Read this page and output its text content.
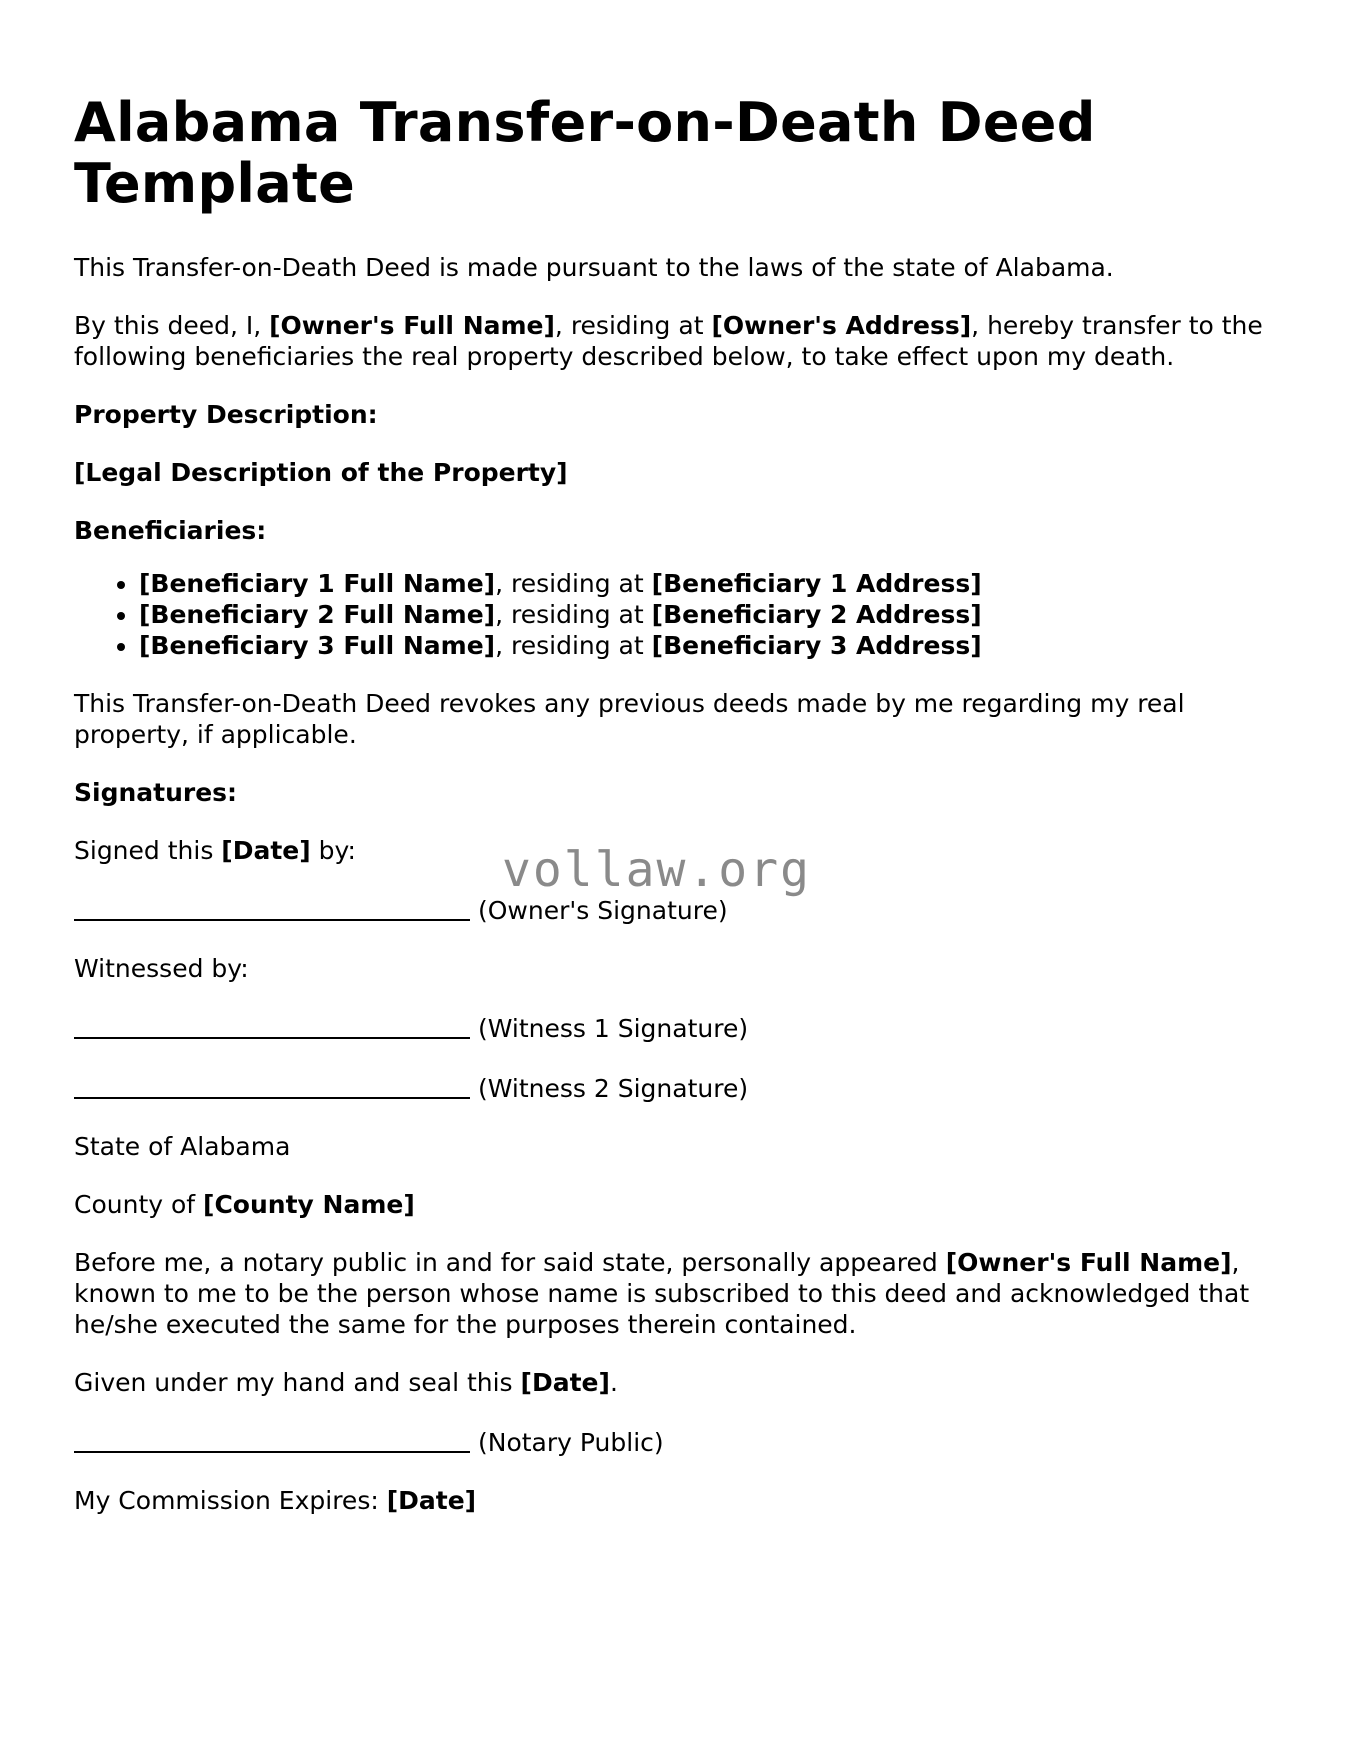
Alabama Transfer-on-Death Deed Template

This Transfer-on-Death Deed is made pursuant to the laws of the state of Alabama.

By this deed, I, [Owner's Full Name], residing at [Owner's Address], hereby transfer to the following beneficiaries the real property described below, to take effect upon my death.

Property Description:

[Legal Description of the Property]

Beneficiaries:

• [Beneficiary 1 Full Name], residing at [Beneficiary 1 Address]
• [Beneficiary 2 Full Name], residing at [Beneficiary 2 Address]
• [Beneficiary 3 Full Name], residing at [Beneficiary 3 Address]

This Transfer-on-Death Deed revokes any previous deeds made by me regarding my real property, if applicable.

Signatures:

Signed this [Date] by:

(Owner's Signature)

Witnessed by:

(Witness 1 Signature)

(Witness 2 Signature)

State of Alabama

County of [County Name]

Before me, a notary public in and for said state, personally appeared [Owner's Full Name], known to me to be the person whose name is subscribed to this deed and acknowledged that he/she executed the same for the purposes therein contained.

Given under my hand and seal this [Date].

(Notary Public)

My Commission Expires: [Date]

vollaw.org
